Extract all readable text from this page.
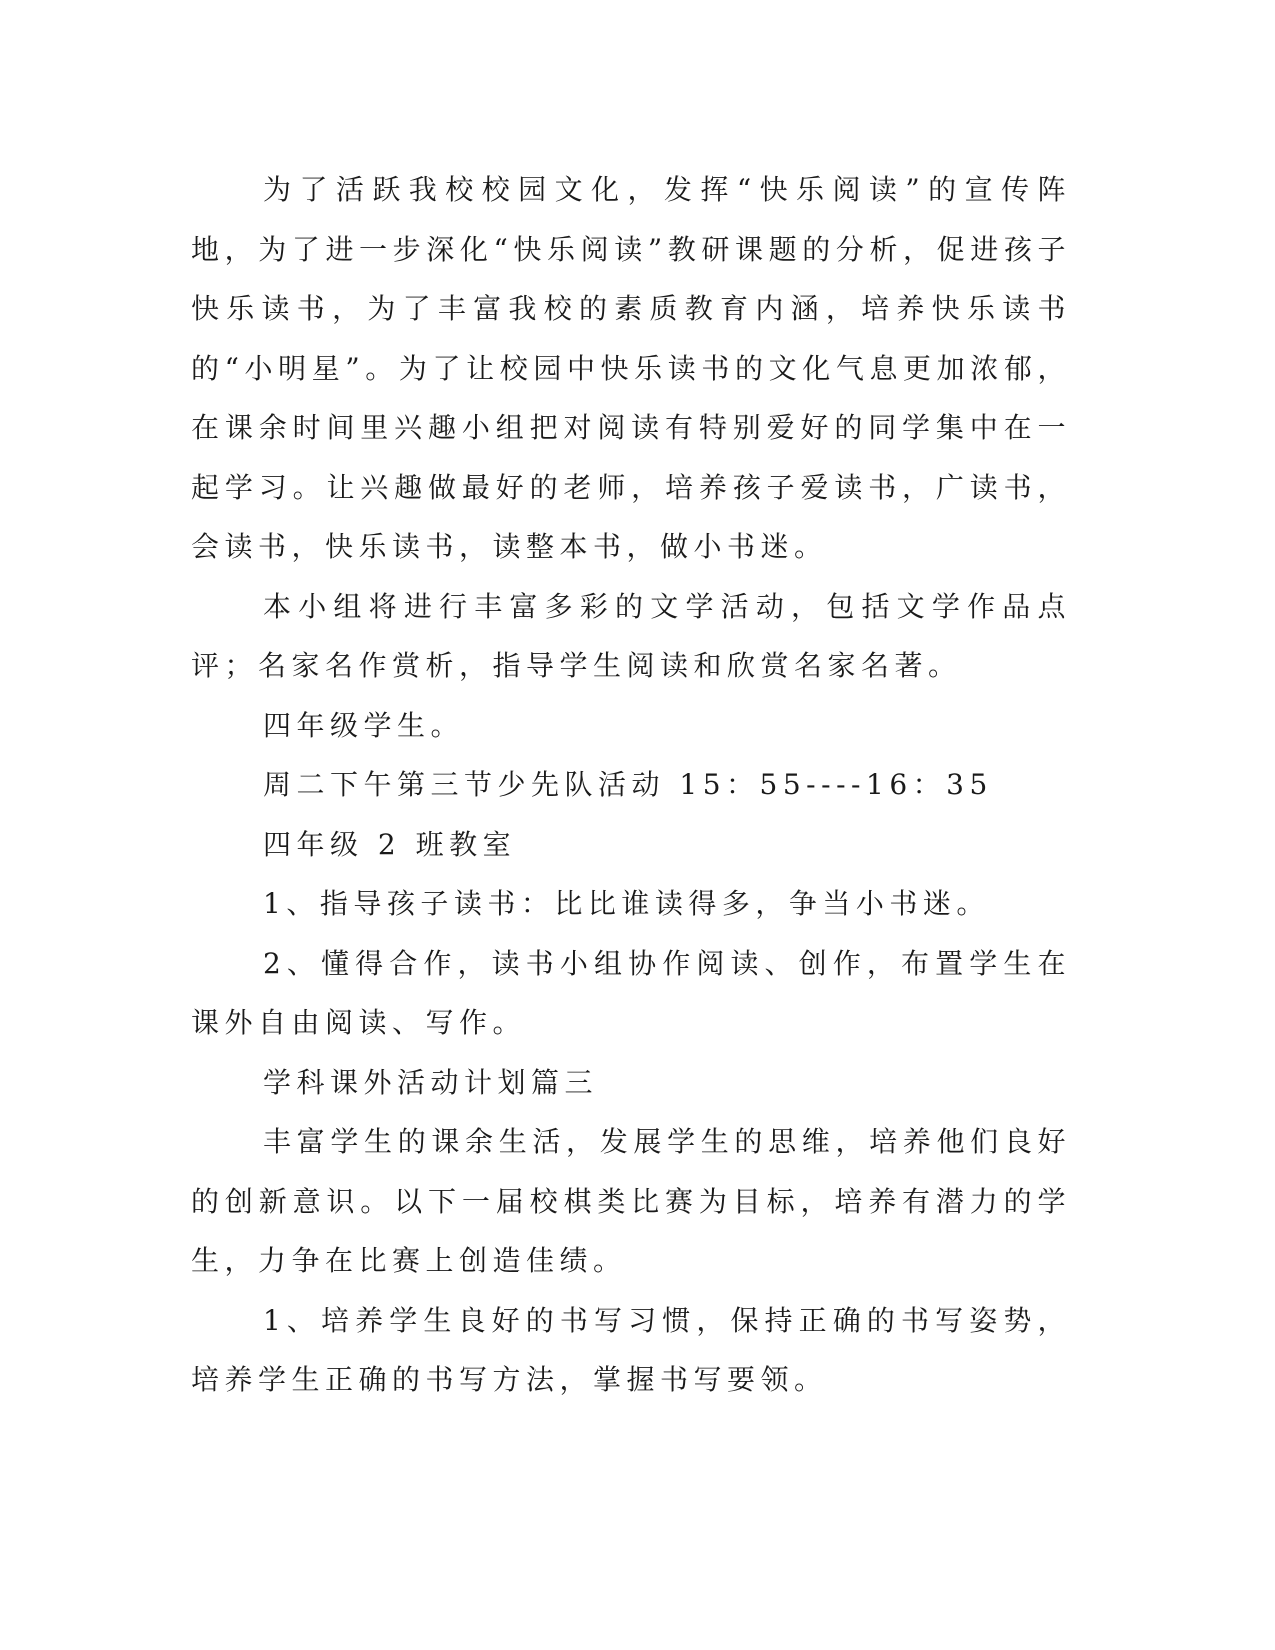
为了活跃我校校园文化，发挥“快乐阅读”的宣传阵地，为了进一步深化“快乐阅读”教研课题的分析，促进孩子快乐读书，为了丰富我校的素质教育内涵，培养快乐读书的“小明星”。为了让校园中快乐读书的文化气息更加浓郁，在课余时间里兴趣小组把对阅读有特别爱好的同学集中在一起学习。让兴趣做最好的老师，培养孩子爱读书，广读书，会读书，快乐读书，读整本书，做小书迷。

本小组将进行丰富多彩的文学活动，包括文学作品点评；名家名作赏析，指导学生阅读和欣赏名家名著。

四年级学生。

周二下午第三节少先队活动 15：55----16：35

四年级 2 班教室

1、指导孩子读书：比比谁读得多，争当小书迷。

2、懂得合作，读书小组协作阅读、创作，布置学生在课外自由阅读、写作。

学科课外活动计划篇三

丰富学生的课余生活，发展学生的思维，培养他们良好的创新意识。以下一届校棋类比赛为目标，培养有潜力的学生，力争在比赛上创造佳绩。

1、培养学生良好的书写习惯，保持正确的书写姿势，培养学生正确的书写方法，掌握书写要领。
